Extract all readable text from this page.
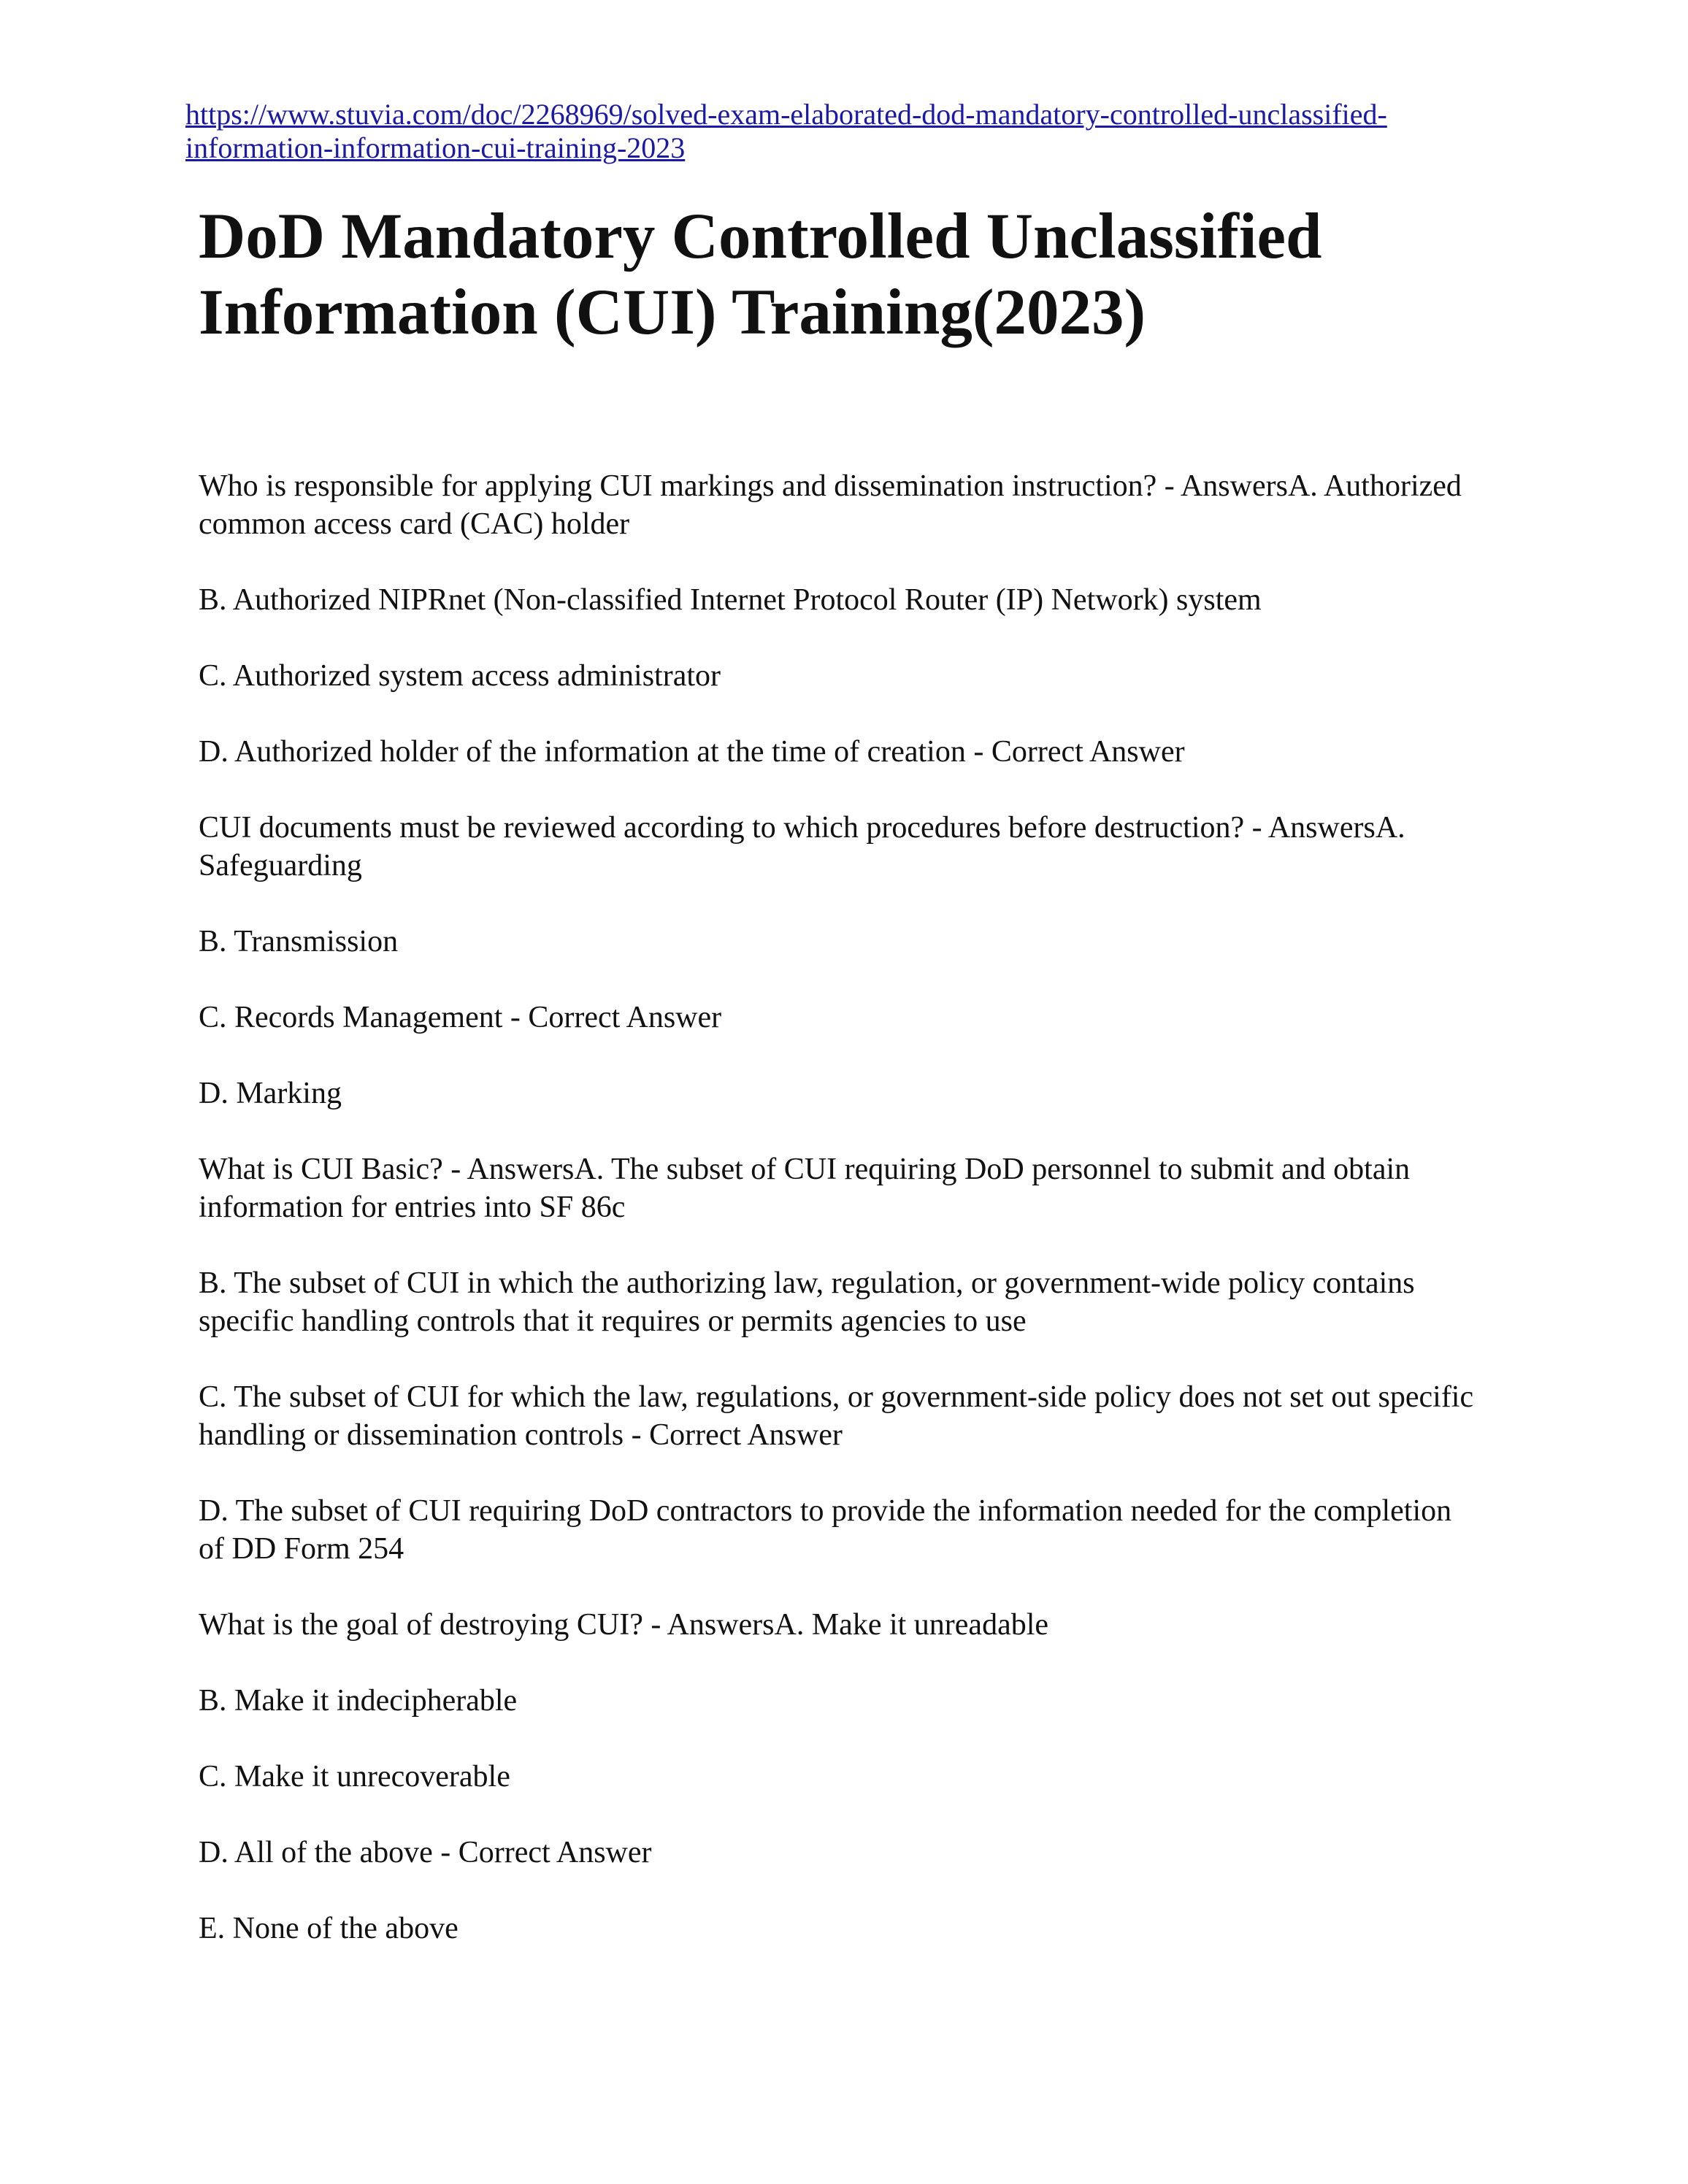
https://www.stuvia.com/doc/2268969/solved-exam-elaborated-dod-mandatory-controlled-unclassified-information-information-cui-training-2023
DoD Mandatory Controlled Unclassified
Information (CUI) Training(2023)

Who is responsible for applying CUI markings and dissemination instruction? - AnswersA. Authorized common access card (CAC) holder

B. Authorized NIPRnet (Non-classified Internet Protocol Router (IP) Network) system

C. Authorized system access administrator

D. Authorized holder of the information at the time of creation - Correct Answer

CUI documents must be reviewed according to which procedures before destruction? - AnswersA. Safeguarding

B. Transmission

C. Records Management - Correct Answer

D. Marking

What is CUI Basic? - AnswersA. The subset of CUI requiring DoD personnel to submit and obtain information for entries into SF 86c

B. The subset of CUI in which the authorizing law, regulation, or government-wide policy contains specific handling controls that it requires or permits agencies to use

C. The subset of CUI for which the law, regulations, or government-side policy does not set out specific handling or dissemination controls - Correct Answer

D. The subset of CUI requiring DoD contractors to provide the information needed for the completion of DD Form 254

What is the goal of destroying CUI? - AnswersA. Make it unreadable

B. Make it indecipherable

C. Make it unrecoverable

D. All of the above - Correct Answer

E. None of the above
